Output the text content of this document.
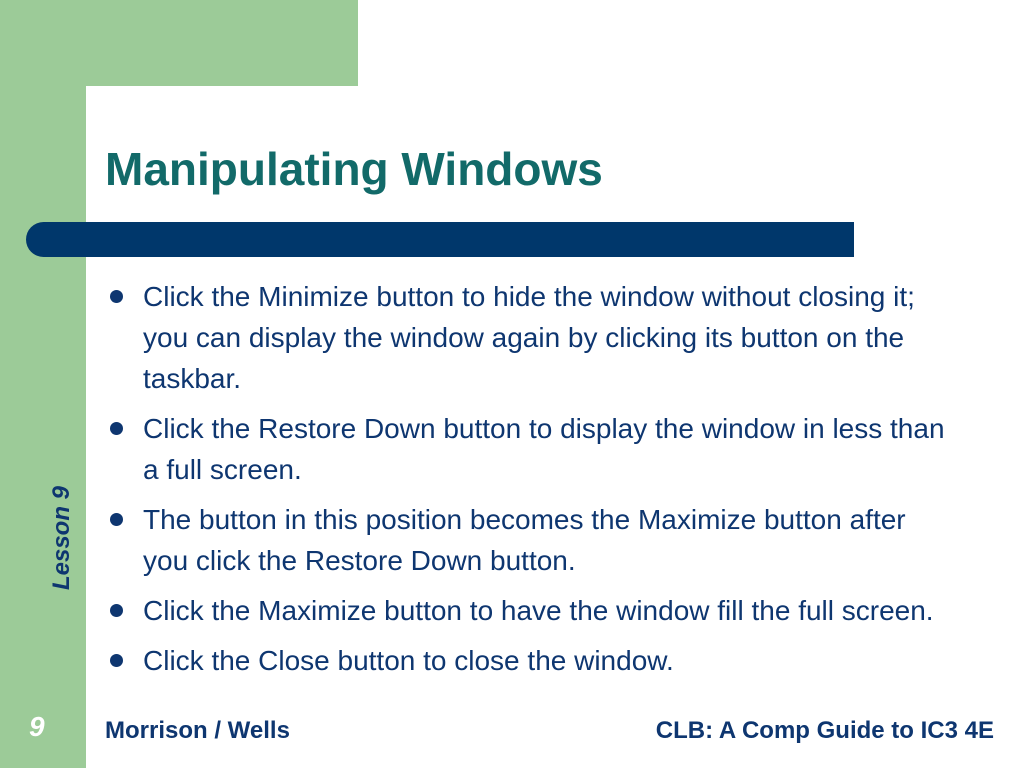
Manipulating Windows
Click the Minimize button to hide the window without closing it; you can display the window again by clicking its button on the taskbar.
Click the Restore Down button to display the window in less than a full screen.
The button in this position becomes the Maximize button after you click the Restore Down button.
Click the Maximize button to have the window fill the full screen.
Click the Close button to close the window.
Lesson 9
9	Morrison / Wells	CLB: A Comp Guide to IC3 4E
